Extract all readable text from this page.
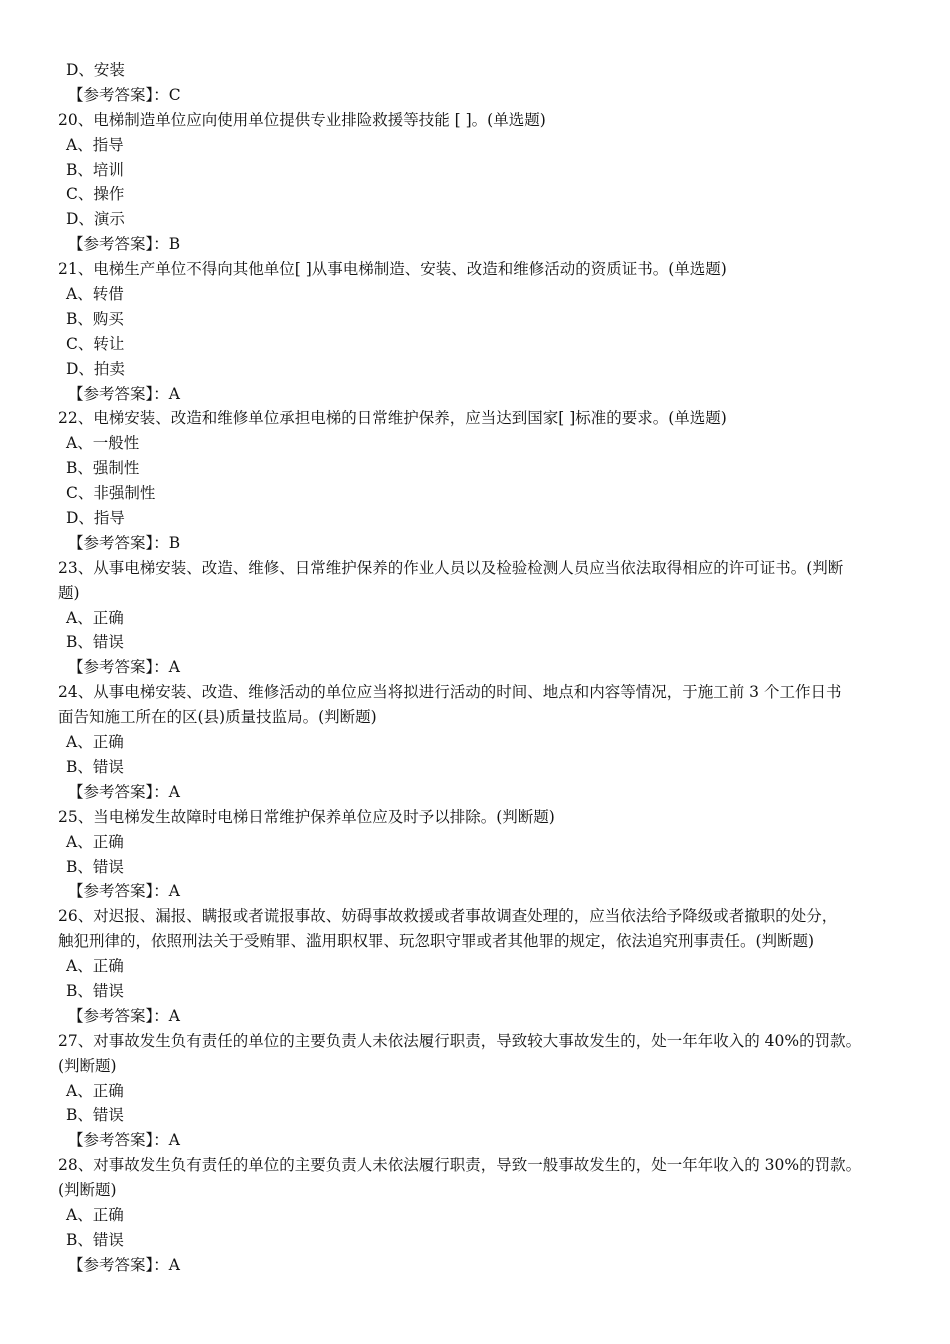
D、安装
【参考答案】：C
20、电梯制造单位应向使用单位提供专业排险救援等技能 [ ]。(单选题)
A、指导
B、培训
C、操作
D、演示
【参考答案】：B
21、电梯生产单位不得向其他单位[ ]从事电梯制造、安装、改造和维修活动的资质证书。(单选题)
A、转借
B、购买
C、转让
D、拍卖
【参考答案】：A
22、电梯安装、改造和维修单位承担电梯的日常维护保养，应当达到国家[ ]标准的要求。(单选题)
A、一般性
B、强制性
C、非强制性
D、指导
【参考答案】：B
23、从事电梯安装、改造、维修、日常维护保养的作业人员以及检验检测人员应当依法取得相应的许可证书。(判断
题)
A、正确
B、错误
【参考答案】：A
24、从事电梯安装、改造、维修活动的单位应当将拟进行活动的时间、地点和内容等情况，于施工前 3 个工作日书
面告知施工所在的区(县)质量技监局。(判断题)
A、正确
B、错误
【参考答案】：A
25、当电梯发生故障时电梯日常维护保养单位应及时予以排除。(判断题)
A、正确
B、错误
【参考答案】：A
26、对迟报、漏报、瞒报或者谎报事故、妨碍事故救援或者事故调查处理的，应当依法给予降级或者撤职的处分，
触犯刑律的，依照刑法关于受贿罪、滥用职权罪、玩忽职守罪或者其他罪的规定，依法追究刑事责任。(判断题)
A、正确
B、错误
【参考答案】：A
27、对事故发生负有责任的单位的主要负责人未依法履行职责，导致较大事故发生的，处一年年收入的 40%的罚款。
(判断题)
A、正确
B、错误
【参考答案】：A
28、对事故发生负有责任的单位的主要负责人未依法履行职责，导致一般事故发生的，处一年年收入的 30%的罚款。
(判断题)
A、正确
B、错误
【参考答案】：A
